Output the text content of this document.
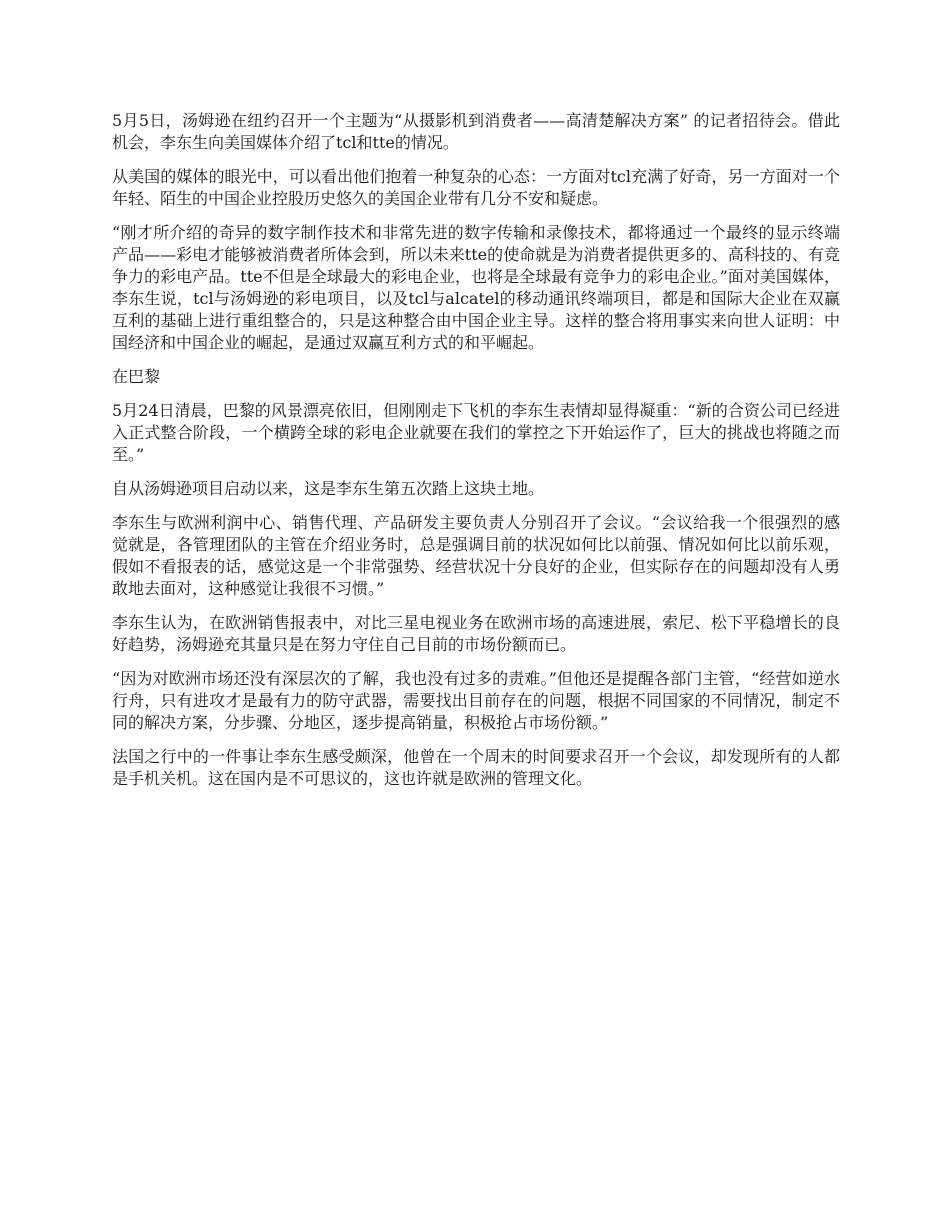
5月5日，汤姆逊在纽约召开一个主题为“从摄影机到消费者——高清楚解决方案” 的记者招待会。借此机会，李东生向美国媒体介绍了tcl和tte的情况。

从美国的媒体的眼光中，可以看出他们抱着一种复杂的心态：一方面对tcl充满了好奇，另一方面对一个年轻、陌生的中国企业控股历史悠久的美国企业带有几分不安和疑虑。

“刚才所介绍的奇异的数字制作技术和非常先进的数字传输和录像技术，都将通过一个最终的显示终端产品——彩电才能够被消费者所体会到，所以未来tte的使命就是为消费者提供更多的、高科技的、有竞争力的彩电产品。tte不但是全球最大的彩电企业，也将是全球最有竞争力的彩电企业。”面对美国媒体，李东生说，tcl与汤姆逊的彩电项目，以及tcl与alcatel的移动通讯终端项目，都是和国际大企业在双赢互利的基础上进行重组整合的，只是这种整合由中国企业主导。这样的整合将用事实来向世人证明：中国经济和中国企业的崛起，是通过双赢互利方式的和平崛起。

在巴黎

5月24日清晨，巴黎的风景漂亮依旧，但刚刚走下飞机的李东生表情却显得凝重：“新的合资公司已经进入正式整合阶段，一个横跨全球的彩电企业就要在我们的掌控之下开始运作了，巨大的挑战也将随之而至。”

自从汤姆逊项目启动以来，这是李东生第五次踏上这块土地。

李东生与欧洲利润中心、销售代理、产品研发主要负责人分别召开了会议。“会议给我一个很强烈的感觉就是，各管理团队的主管在介绍业务时，总是强调目前的状况如何比以前强、情况如何比以前乐观，假如不看报表的话，感觉这是一个非常强势、经营状况十分良好的企业，但实际存在的问题却没有人勇敢地去面对，这种感觉让我很不习惯。”

李东生认为，在欧洲销售报表中，对比三星电视业务在欧洲市场的高速进展，索尼、松下平稳增长的良好趋势，汤姆逊充其量只是在努力守住自己目前的市场份额而已。

“因为对欧洲市场还没有深层次的了解，我也没有过多的责难。”但他还是提醒各部门主管，“经营如逆水行舟，只有进攻才是最有力的防守武器，需要找出目前存在的问题，根据不同国家的不同情况，制定不同的解决方案，分步骤、分地区，逐步提高销量，积极抢占市场份额。”

法国之行中的一件事让李东生感受颇深，他曾在一个周末的时间要求召开一个会议，却发现所有的人都是手机关机。这在国内是不可思议的，这也许就是欧洲的管理文化。
